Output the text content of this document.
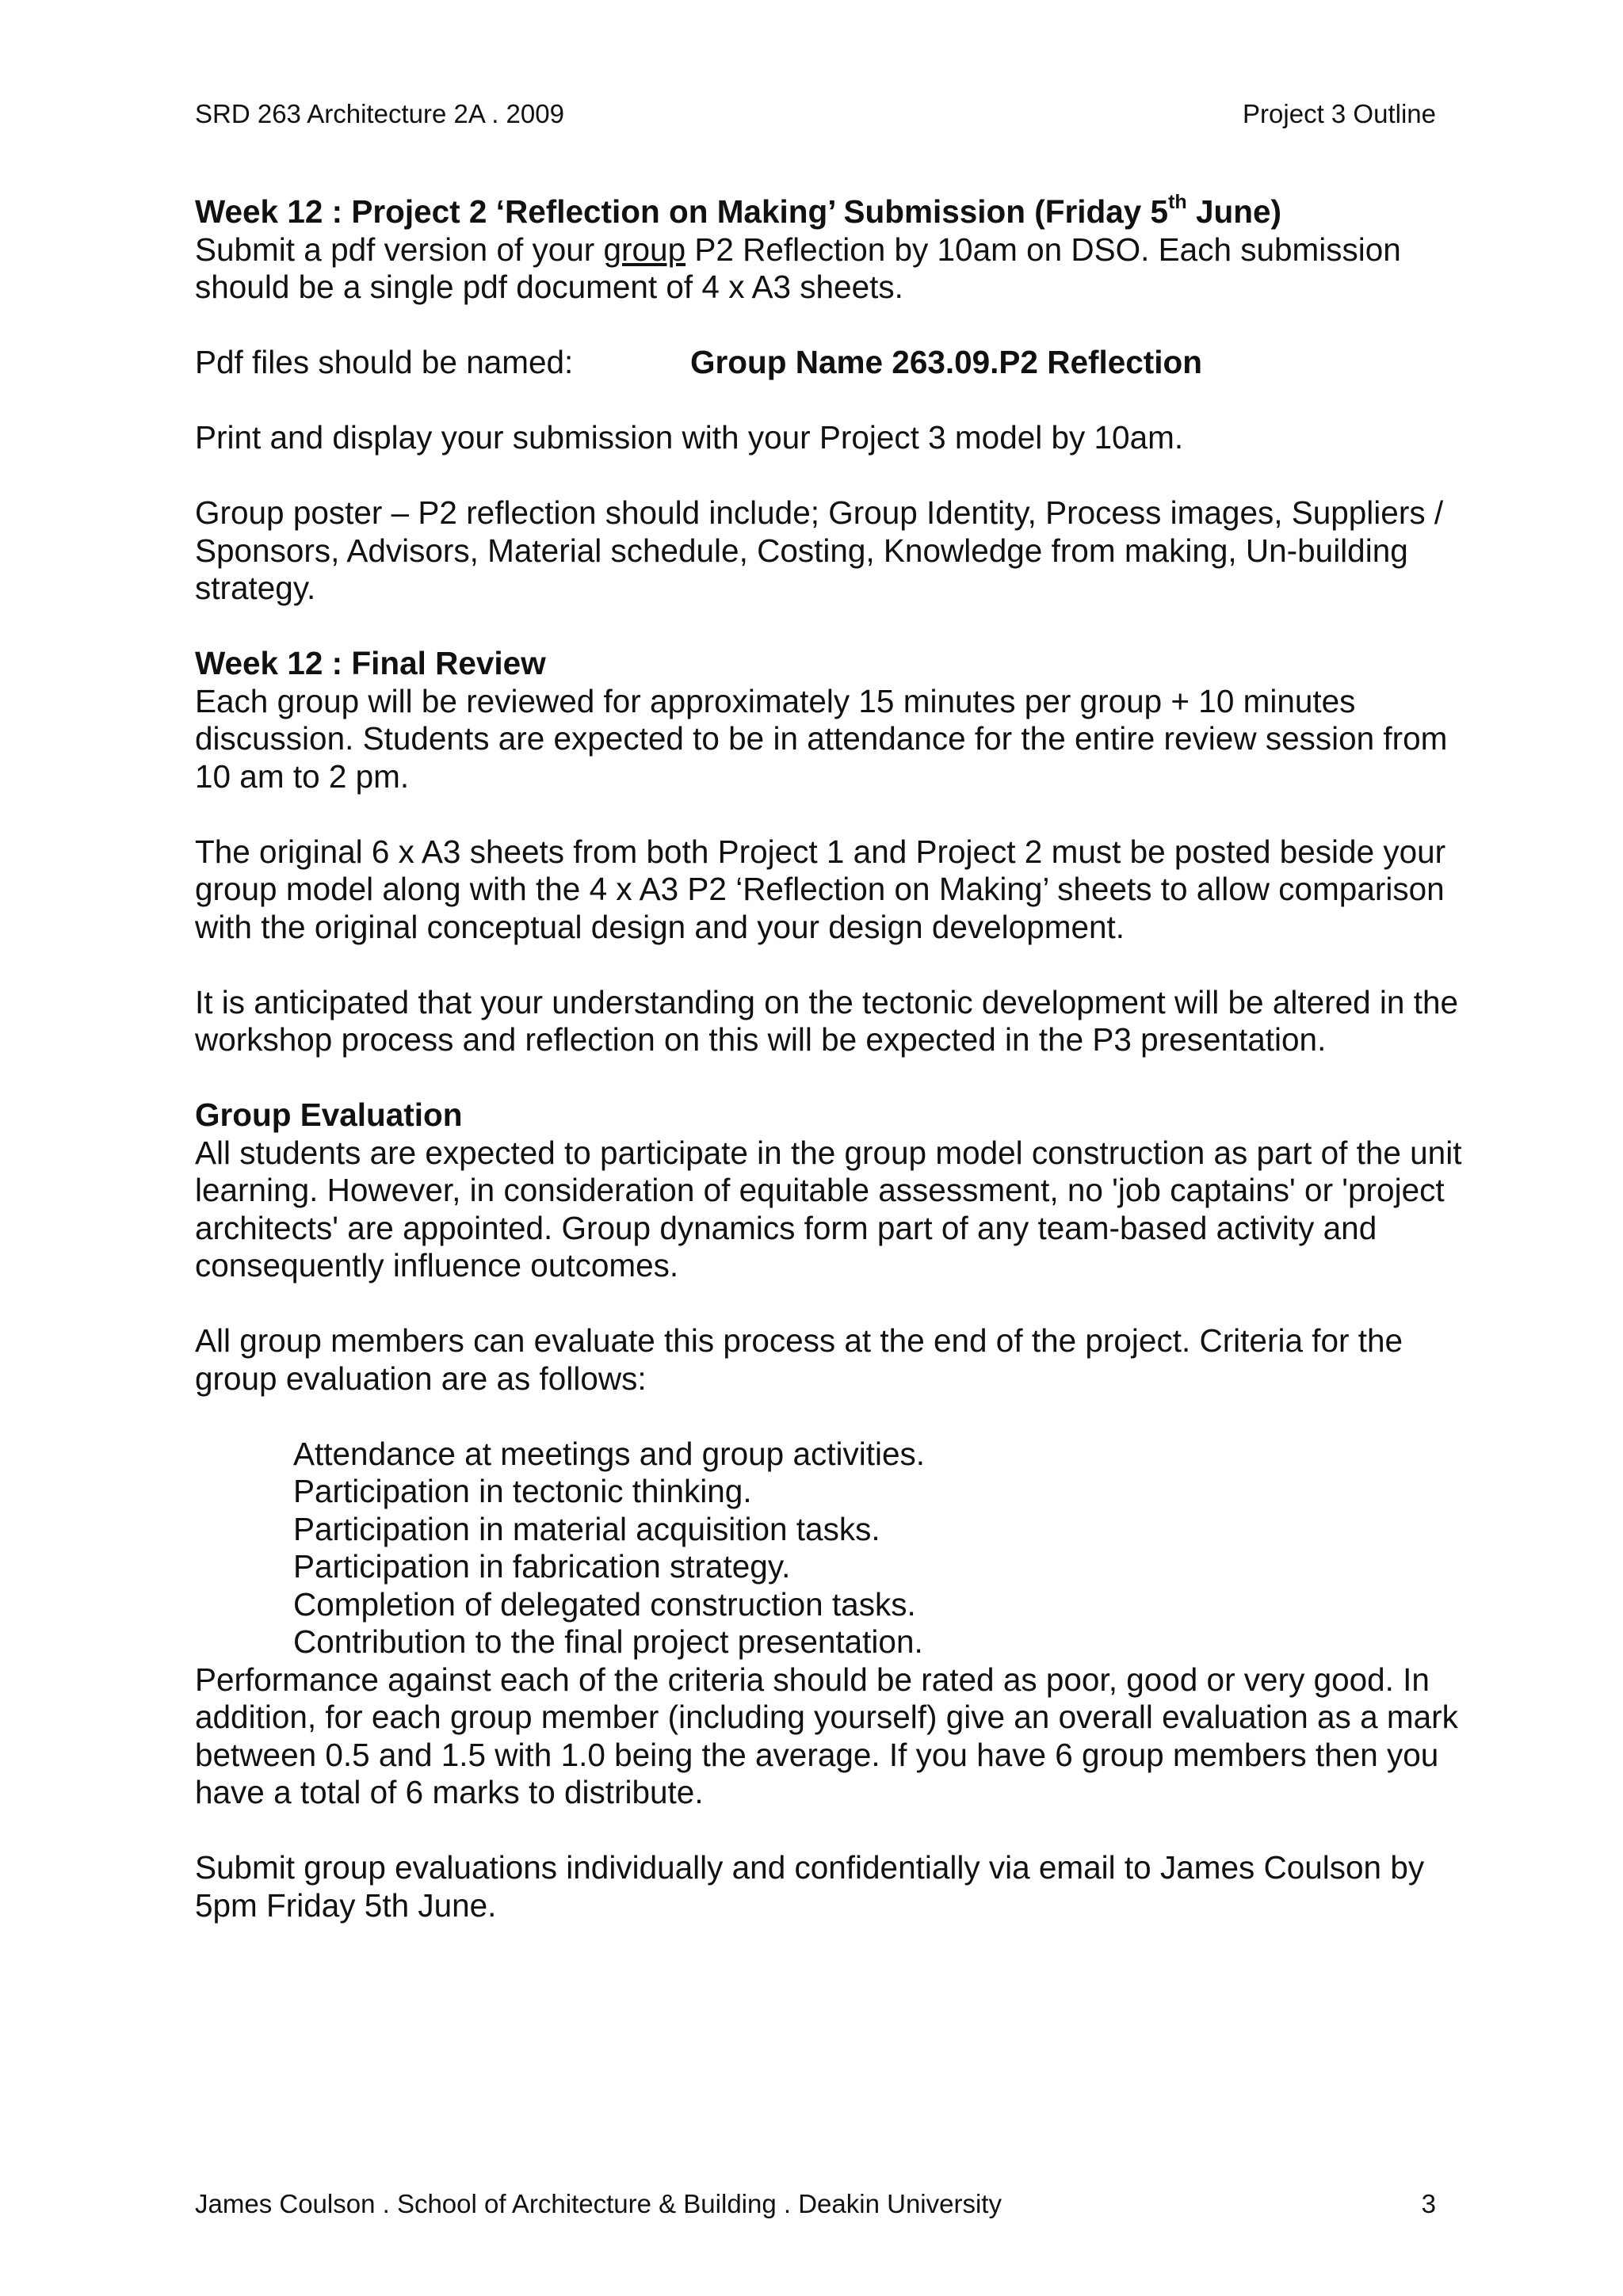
SRD 263 Architecture 2A . 2009	Project 3 Outline
Week 12 : Project 2 ‘Reflection on Making’ Submission (Friday 5th June)

Submit a pdf version of your group P2 Reflection by 10am on DSO. Each submission should be a single pdf document of 4 x A3 sheets.

Pdf files should be named:	Group Name 263.09.P2 Reflection

Print and display your submission with your Project 3 model by 10am.

Group poster – P2 reflection should include; Group Identity, Process images, Suppliers / Sponsors, Advisors, Material schedule, Costing, Knowledge from making, Un-building strategy.

Week 12 : Final Review

Each group will be reviewed for approximately 15 minutes per group + 10 minutes discussion. Students are expected to be in attendance for the entire review session from 10 am to 2 pm.

The original 6 x A3 sheets from both Project 1 and Project 2 must be posted beside your group model along with the 4 x A3 P2 ‘Reflection on Making’ sheets to allow comparison with the original conceptual design and your design development.

It is anticipated that your understanding on the tectonic development will be altered in the workshop process and reflection on this will be expected in the P3 presentation.

Group Evaluation

All students are expected to participate in the group model construction as part of the unit learning. However, in consideration of equitable assessment, no 'job captains' or 'project architects' are appointed. Group dynamics form part of any team-based activity and consequently influence outcomes.

All group members can evaluate this process at the end of the project. Criteria for the group evaluation are as follows:

Attendance at meetings and group activities.
Participation in tectonic thinking.
Participation in material acquisition tasks.
Participation in fabrication strategy.
Completion of delegated construction tasks.
Contribution to the final project presentation.

Performance against each of the criteria should be rated as poor, good or very good. In addition, for each group member (including yourself) give an overall evaluation as a mark between 0.5 and 1.5 with 1.0 being the average. If you have 6 group members then you have a total of 6 marks to distribute.

Submit group evaluations individually and confidentially via email to James Coulson by 5pm Friday 5th June.

James Coulson . School of Architecture & Building . Deakin University	3
